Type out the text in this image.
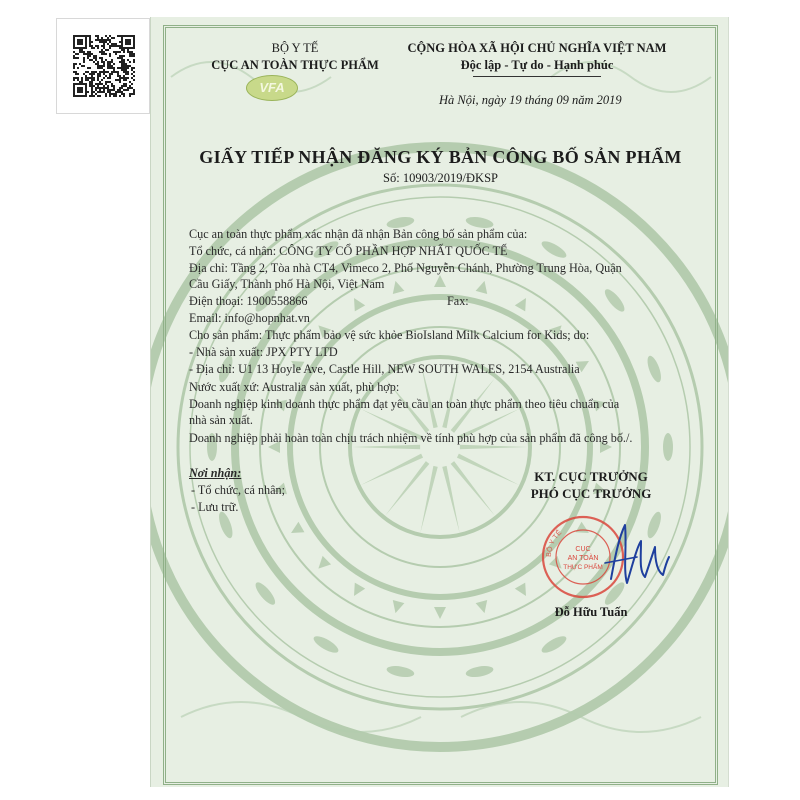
BỘ Y TẾ
CỤC AN TOÀN THỰC PHẨM
VFA
CỘNG HÒA XÃ HỘI CHỦ NGHĨA VIỆT NAM
Độc lập - Tự do - Hạnh phúc
Hà Nội, ngày 19 tháng 09 năm 2019
GIẤY TIẾP NHẬN ĐĂNG KÝ BẢN CÔNG BỐ SẢN PHẨM
Số: 10903/2019/ĐKSP
Cục an toàn thực phẩm xác nhận đã nhận Bản công bố sản phẩm của:
Tổ chức, cá nhân: CÔNG TY CỔ PHẦN HỢP NHẤT QUỐC TẾ
Địa chỉ: Tầng 2, Tòa nhà CT4, Vimeco 2, Phố Nguyễn Chánh, Phường Trung Hòa, Quận
Cầu Giấy, Thành phố Hà Nội, Việt Nam
Điện thoại: 1900558866	Fax:
Email: info@hopnhat.vn
Cho sản phẩm: Thực phẩm bảo vệ sức khỏe BioIsland Milk Calcium for Kids; do:
- Nhà sản xuất: JPX PTY LTD
- Địa chỉ: U1 13 Hoyle Ave, Castle Hill, NEW SOUTH WALES, 2154 Australia
Nước xuất xứ: Australia sản xuất, phù hợp:
Doanh nghiệp kinh doanh thực phẩm đạt yêu cầu an toàn thực phẩm theo tiêu chuẩn của
nhà sản xuất.
Doanh nghiệp phải hoàn toàn chịu trách nhiệm về tính phù hợp của sản phẩm đã công bố./.
Nơi nhận:
- Tổ chức, cá nhân;
- Lưu trữ.
KT. CỤC TRƯỞNG
PHÓ CỤC TRƯỞNG
BỘ Y TẾ
CỤC
AN TOÀN
THỰC PHẨM
Đỗ Hữu Tuấn
